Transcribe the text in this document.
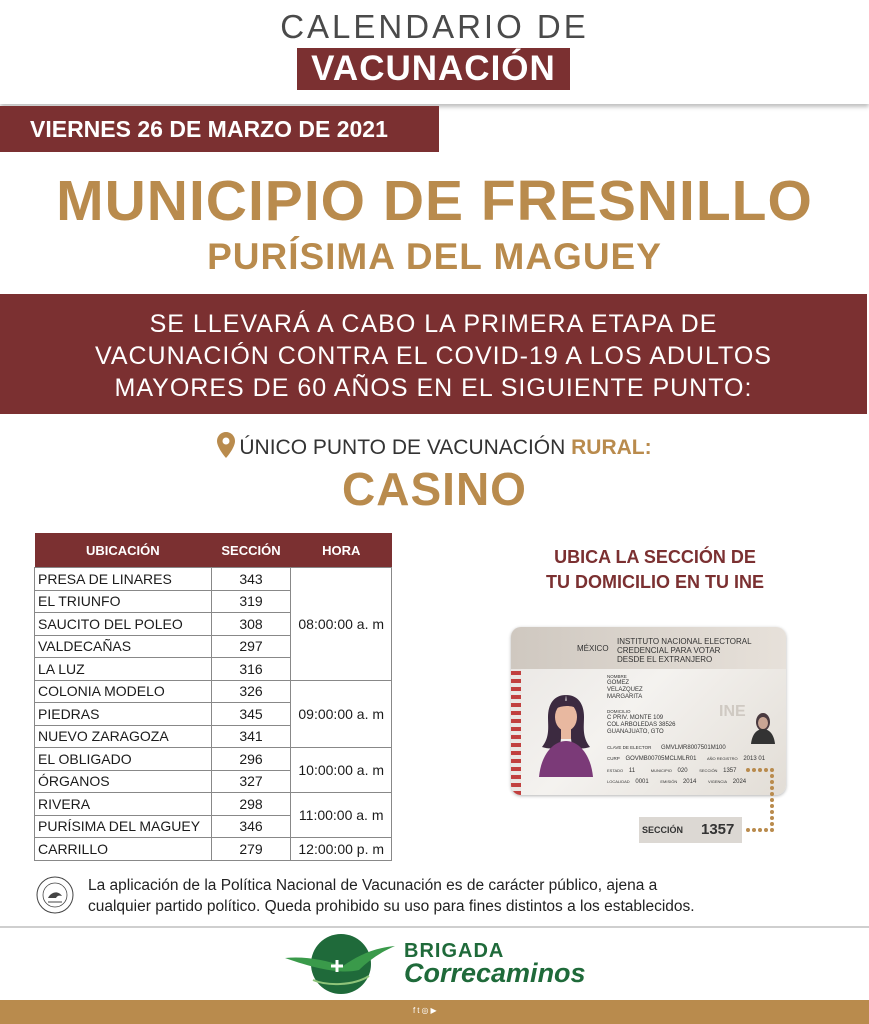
CALENDARIO DE
VACUNACIÓN
VIERNES 26 DE MARZO DE 2021
MUNICIPIO DE FRESNILLO
PURÍSIMA DEL MAGUEY
SE LLEVARÁ A CABO LA PRIMERA ETAPA DE
VACUNACIÓN CONTRA EL COVID-19 A LOS ADULTOS
MAYORES DE 60 AÑOS EN EL SIGUIENTE PUNTO:
ÚNICO PUNTO DE VACUNACIÓN RURAL:
CASINO
UBICACIÓN	SECCIÓN	HORA
PRESA DE LINARES	343	08:00:00 a. m
EL TRIUNFO	319	
SAUCITO DEL POLEO	308	
VALDECAÑAS	297	
LA LUZ	316	
COLONIA MODELO	326	09:00:00 a. m
PIEDRAS	345	
NUEVO ZARAGOZA	341	
EL OBLIGADO	296	10:00:00 a. m
ÓRGANOS	327	
RIVERA	298	11:00:00 a. m
PURÍSIMA DEL MAGUEY	346	
CARRILLO	279	12:00:00 p. m
UBICA LA SECCIÓN DE
TU DOMICILIO EN TU INE
MÉXICO
INSTITUTO NACIONAL ELECTORAL
CREDENCIAL PARA VOTAR
DESDE EL EXTRANJERO
NOMBRE
GOMEZ
VELAZQUEZ
MARGARITA
DOMICILIO
C PRIV. MONTE 109
COL ARBOLEDAS 38526
GUANAJUATO, GTO
CLAVE DE ELECTOR GMVLMR8007501M100
CURP GOVMB00705MCLMLR01	AÑO REGISTRO 2013 01
ESTADO 11	MUNICIPIO 020	SECCIÓN 1357
LOCALIDAD 0001	EMISIÓN 2014	VIGENCIA 2024
INE
SECCIÓN 1357
La aplicación de la Política Nacional de Vacunación es de carácter público, ajena a
cualquier partido político. Queda prohibido su uso para fines distintos a los establecidos.
BRIGADA
Correcaminos
ft◎▶
